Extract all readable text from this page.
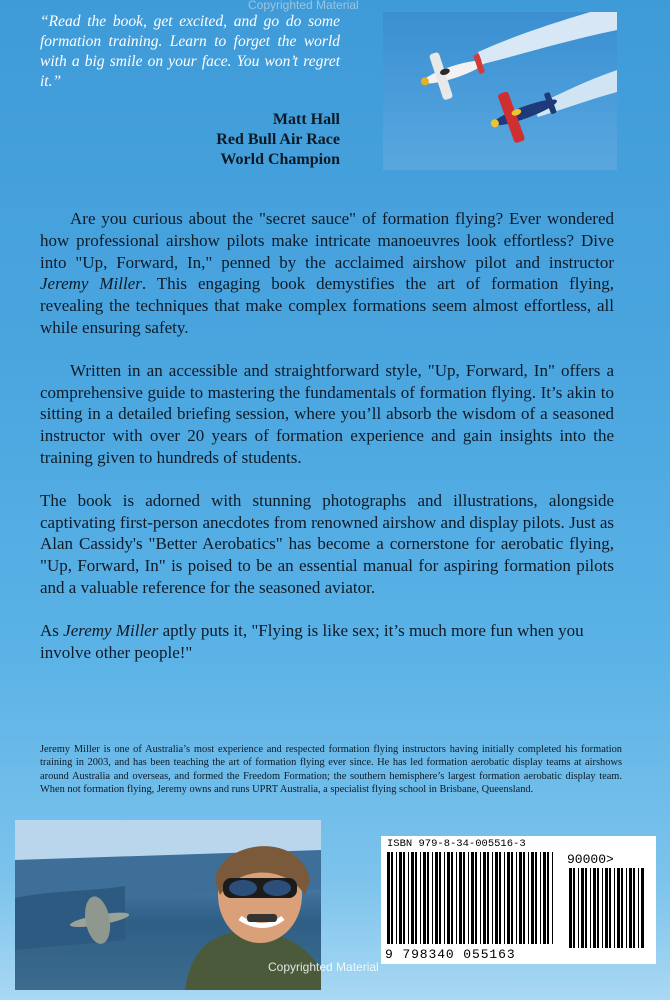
Copyrighted Material

“Read the book, get excited, and go do some formation training. Learn to forget the world with a big smile on your face. You won’t regret it.”

Matt Hall
Red Bull Air Race
World Champion

Are you curious about the "secret sauce" of formation flying? Ever wondered how professional airshow pilots make intricate manoeuvres look effortless? Dive into "Up, Forward, In," penned by the acclaimed airshow pilot and instructor Jeremy Miller. This engaging book demystifies the art of formation flying, revealing the techniques that make complex formations seem almost effortless, all while ensuring safety.

Written in an accessible and straightforward style, "Up, Forward, In" offers a comprehensive guide to mastering the fundamentals of formation flying. It’s akin to sitting in a detailed briefing session, where you’ll absorb the wisdom of a seasoned instructor with over 20 years of formation experience and gain insights into the training given to hundreds of students.

The book is adorned with stunning photographs and illustrations, alongside captivating first-person anecdotes from renowned airshow and display pilots. Just as Alan Cassidy's "Better Aerobatics" has become a cornerstone for aerobatic flying, "Up, Forward, In" is poised to be an essential manual for aspiring formation pilots and a valuable reference for the seasoned aviator.

As Jeremy Miller aptly puts it, "Flying is like sex; it’s much more fun when you involve other people!"

Jeremy Miller is one of Australia’s most experience and respected formation flying instructors having initially completed his formation training in 2003, and has been teaching the art of formation flying ever since. He has led formation aerobatic display teams at airshows around Australia and overseas, and formed the Freedom Formation; the southern hemisphere’s largest formation aerobatic display team. When not formation flying, Jeremy owns and runs UPRT Australia, a specialist flying school in Brisbane, Queensland.
ISBN 979-8-34-005516-3
90000>
9 798340 055163
Copyrighted Material
